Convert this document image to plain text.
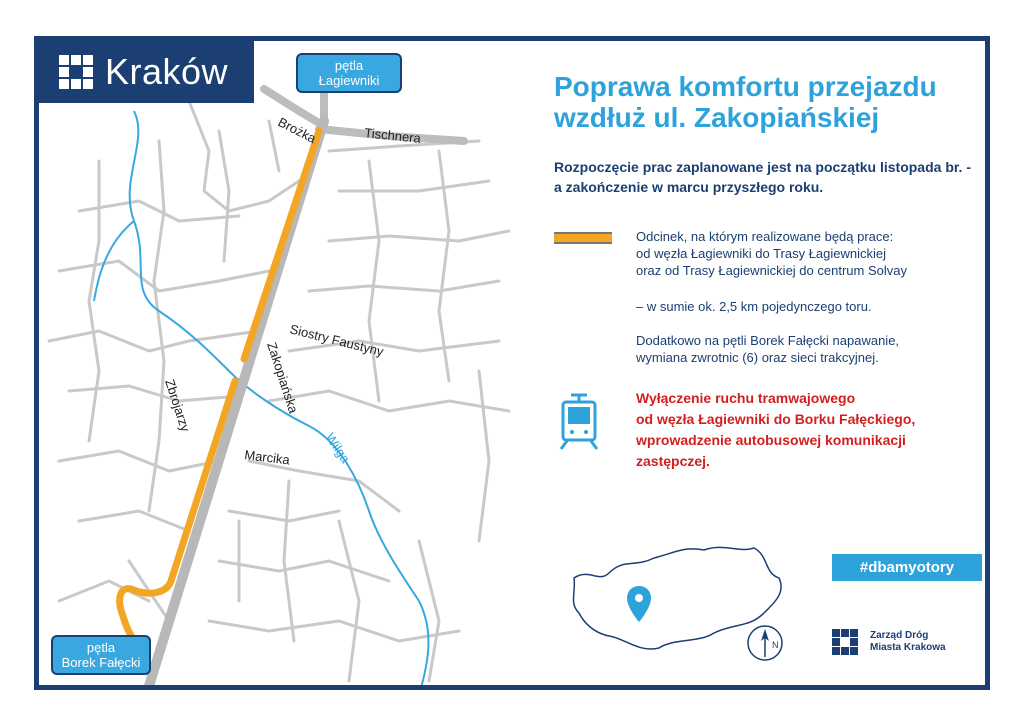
Brożka	Tischnera
Siostry Faustyny
Zakopiańska
Zbrojarzy
Marcika Wilga
Kraków	pętla
Łagiewniki
pętla
Borek Fałęcki
Poprawa komfortu przejazdu wzdłuż ul. Zakopiańskiej
Rozpoczęcie prac zaplanowane jest na początku listopada br. - a zakończenie w marcu przyszłego roku.
Odcinek, na którym realizowane będą prace:
od węzła Łagiewniki do Trasy Łagiewnickiej
oraz od Trasy Łagiewnickiej do centrum Solvay
– w sumie ok. 2,5 km pojedynczego toru.
Dodatkowo na pętli Borek Fałęcki napawanie,
wymiana zwrotnic (6) oraz sieci trakcyjnej.
Wyłączenie ruchu tramwajowego
od węzła Łagiewniki do Borku Fałęckiego,
wprowadzenie autobusowej komunikacji
zastępczej.
N
#dbamyotory
Zarząd Dróg
Miasta Krakowa
